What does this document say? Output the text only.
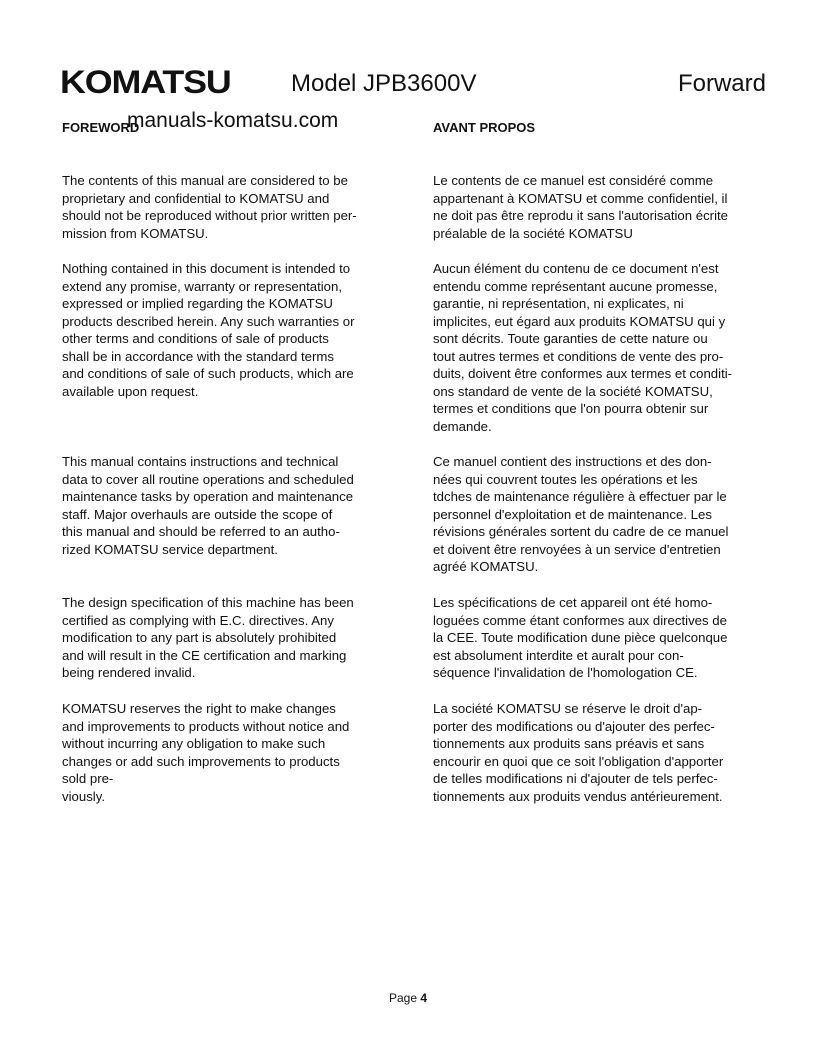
KOMATSU	Model JPB3600V	Forward
FOREWORD
manuals-komatsu.com	AVANT PROPOS

The contents of this manual are considered to be
proprietary and confidential to KOMATSU and
should not be reproduced without prior written per-
mission from KOMATSU.

Nothing contained in this document is intended to
extend any promise, warranty or representation,
expressed or implied regarding the KOMATSU
products described herein. Any such warranties or
other terms and conditions of sale of products
shall be in accordance with the standard terms
and conditions of sale of such products, which are
available upon request.

This manual contains instructions and technical
data to cover all routine operations and scheduled
maintenance tasks by operation and maintenance
staff. Major overhauls are outside the scope of
this manual and should be referred to an autho-
rized KOMATSU service department.

The design specification of this machine has been
certified as complying with E.C. directives. Any
modification to any part is absolutely prohibited
and will result in the CE certification and marking
being rendered invalid.

KOMATSU reserves the right to make changes
and improvements to products without notice and
without incurring any obligation to make such
changes or add such improvements to products
sold pre-
viously.

Le contents de ce manuel est considéré comme
appartenant à KOMATSU et comme confidentiel, il
ne doit pas être reprodu it sans l'autorisation écrite
préalable de la société KOMATSU

Aucun élément du contenu de ce document n'est
entendu comme représentant aucune promesse,
garantie, ni représentation, ni explicates, ni
implicites, eut égard aux produits KOMATSU qui y
sont décrits. Toute garanties de cette nature ou
tout autres termes et conditions de vente des pro-
duits, doivent être conformes aux termes et conditi-
ons standard de vente de la société KOMATSU,
termes et conditions que l'on pourra obtenir sur
demande.

Ce manuel contient des instructions et des don-
nées qui couvrent toutes les opérations et les
tdches de maintenance régulière à effectuer par le
personnel d'exploitation et de maintenance. Les
révisions générales sortent du cadre de ce manuel
et doivent être renvoyées à un service d'entretien
agréé KOMATSU.

Les spécifications de cet appareil ont été homo-
loguées comme étant conformes aux directives de
la CEE. Toute modification dune pièce quelconque
est absolument interdite et auralt pour con-
séquence l'invalidation de l'homologation CE.

La société KOMATSU se réserve le droit d'ap-
porter des modifications ou d'ajouter des perfec-
tionnements aux produits sans préavis et sans
encourir en quoi que ce soit l'obligation d'apporter
de telles modifications ni d'ajouter de tels perfec-
tionnements aux produits vendus antérieurement.

Page 4
